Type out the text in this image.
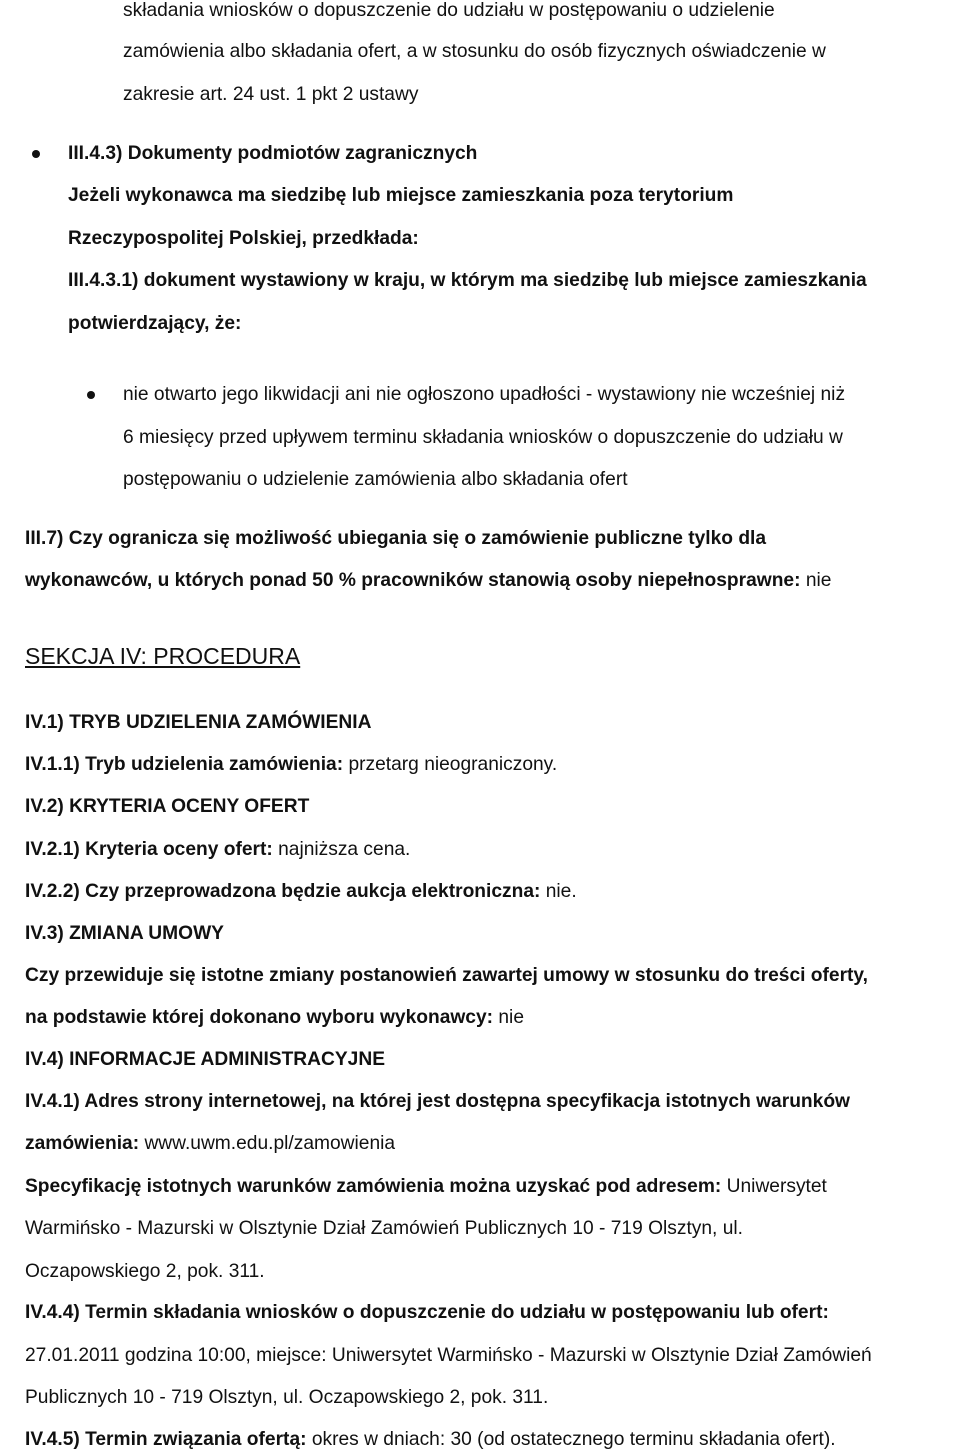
składania wniosków o dopuszczenie do udziału w postępowaniu o udzielenie
zamówienia albo składania ofert, a w stosunku do osób fizycznych oświadczenie w
zakresie art. 24 ust. 1 pkt 2 ustawy
III.4.3) Dokumenty podmiotów zagranicznych
Jeżeli wykonawca ma siedzibę lub miejsce zamieszkania poza terytorium
Rzeczypospolitej Polskiej, przedkłada:
III.4.3.1) dokument wystawiony w kraju, w którym ma siedzibę lub miejsce zamieszkania
potwierdzający, że:
nie otwarto jego likwidacji ani nie ogłoszono upadłości - wystawiony nie wcześniej niż
6 miesięcy przed upływem terminu składania wniosków o dopuszczenie do udziału w
postępowaniu o udzielenie zamówienia albo składania ofert
III.7) Czy ogranicza się możliwość ubiegania się o zamówienie publiczne tylko dla
wykonawców, u których ponad 50 % pracowników stanowią osoby niepełnosprawne: nie
SEKCJA IV: PROCEDURA
IV.1) TRYB UDZIELENIA ZAMÓWIENIA
IV.1.1) Tryb udzielenia zamówienia: przetarg nieograniczony.
IV.2) KRYTERIA OCENY OFERT
IV.2.1) Kryteria oceny ofert: najniższa cena.
IV.2.2) Czy przeprowadzona będzie aukcja elektroniczna: nie.
IV.3) ZMIANA UMOWY
Czy przewiduje się istotne zmiany postanowień zawartej umowy w stosunku do treści oferty,
na podstawie której dokonano wyboru wykonawcy: nie
IV.4) INFORMACJE ADMINISTRACYJNE
IV.4.1) Adres strony internetowej, na której jest dostępna specyfikacja istotnych warunków
zamówienia: www.uwm.edu.pl/zamowienia
Specyfikację istotnych warunków zamówienia można uzyskać pod adresem: Uniwersytet
Warmińsko - Mazurski w Olsztynie Dział Zamówień Publicznych 10 - 719 Olsztyn, ul.
Oczapowskiego 2, pok. 311.
IV.4.4) Termin składania wniosków o dopuszczenie do udziału w postępowaniu lub ofert:
27.01.2011 godzina 10:00, miejsce: Uniwersytet Warmińsko - Mazurski w Olsztynie Dział Zamówień
Publicznych 10 - 719 Olsztyn, ul. Oczapowskiego 2, pok. 311.
IV.4.5) Termin związania ofertą: okres w dniach: 30 (od ostatecznego terminu składania ofert).
